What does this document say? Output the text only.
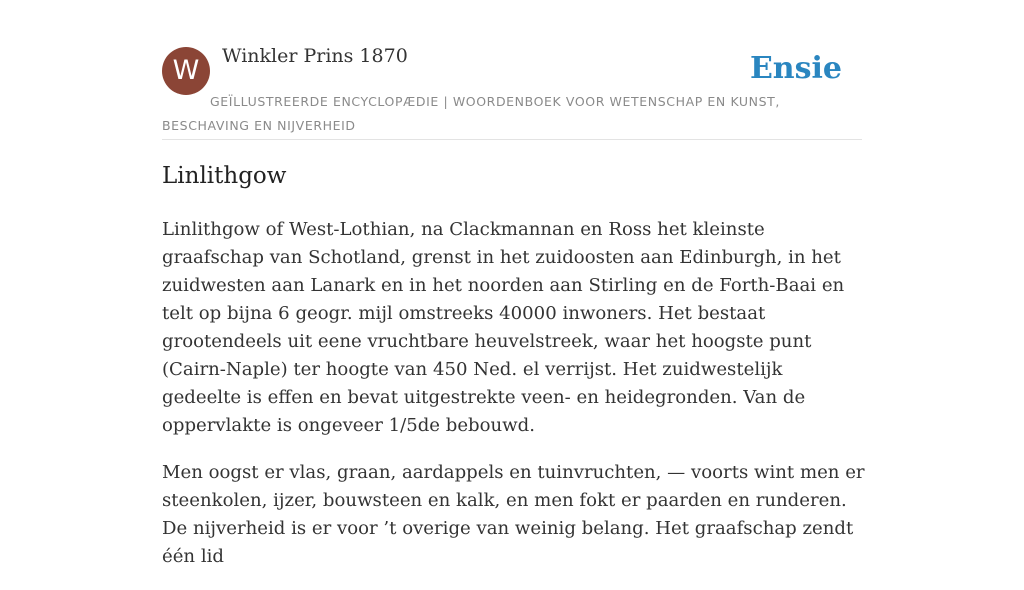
W	Winkler Prins 1870	Ensie
GEÏLLUSTREERDE ENCYCLOPÆDIE | WOORDENBOEK VOOR WETENSCHAP EN KUNST, BESCHAVING EN NIJVERHEID
Linlithgow

Linlithgow of West-Lothian, na Clackmannan en Ross het kleinste graafschap van Schotland, grenst in het zuidoosten aan Edinburgh, in het zuidwesten aan Lanark en in het noorden aan Stirling en de Forth-Baai en telt op bijna 6 geogr. mijl omstreeks 40000 inwoners. Het bestaat grootendeels uit eene vruchtbare heuvelstreek, waar het hoogste punt (Cairn-Naple) ter hoogte van 450 Ned. el verrijst. Het zuidwestelijk gedeelte is effen en bevat uitgestrekte veen- en heidegronden. Van de oppervlakte is ongeveer 1/5de bebouwd.

Men oogst er vlas, graan, aardappels en tuinvruchten, — voorts wint men er steenkolen, ijzer, bouwsteen en kalk, en men fokt er paarden en runderen. De nijverheid is er voor ’t overige van weinig belang. Het graafschap zendt één lid
